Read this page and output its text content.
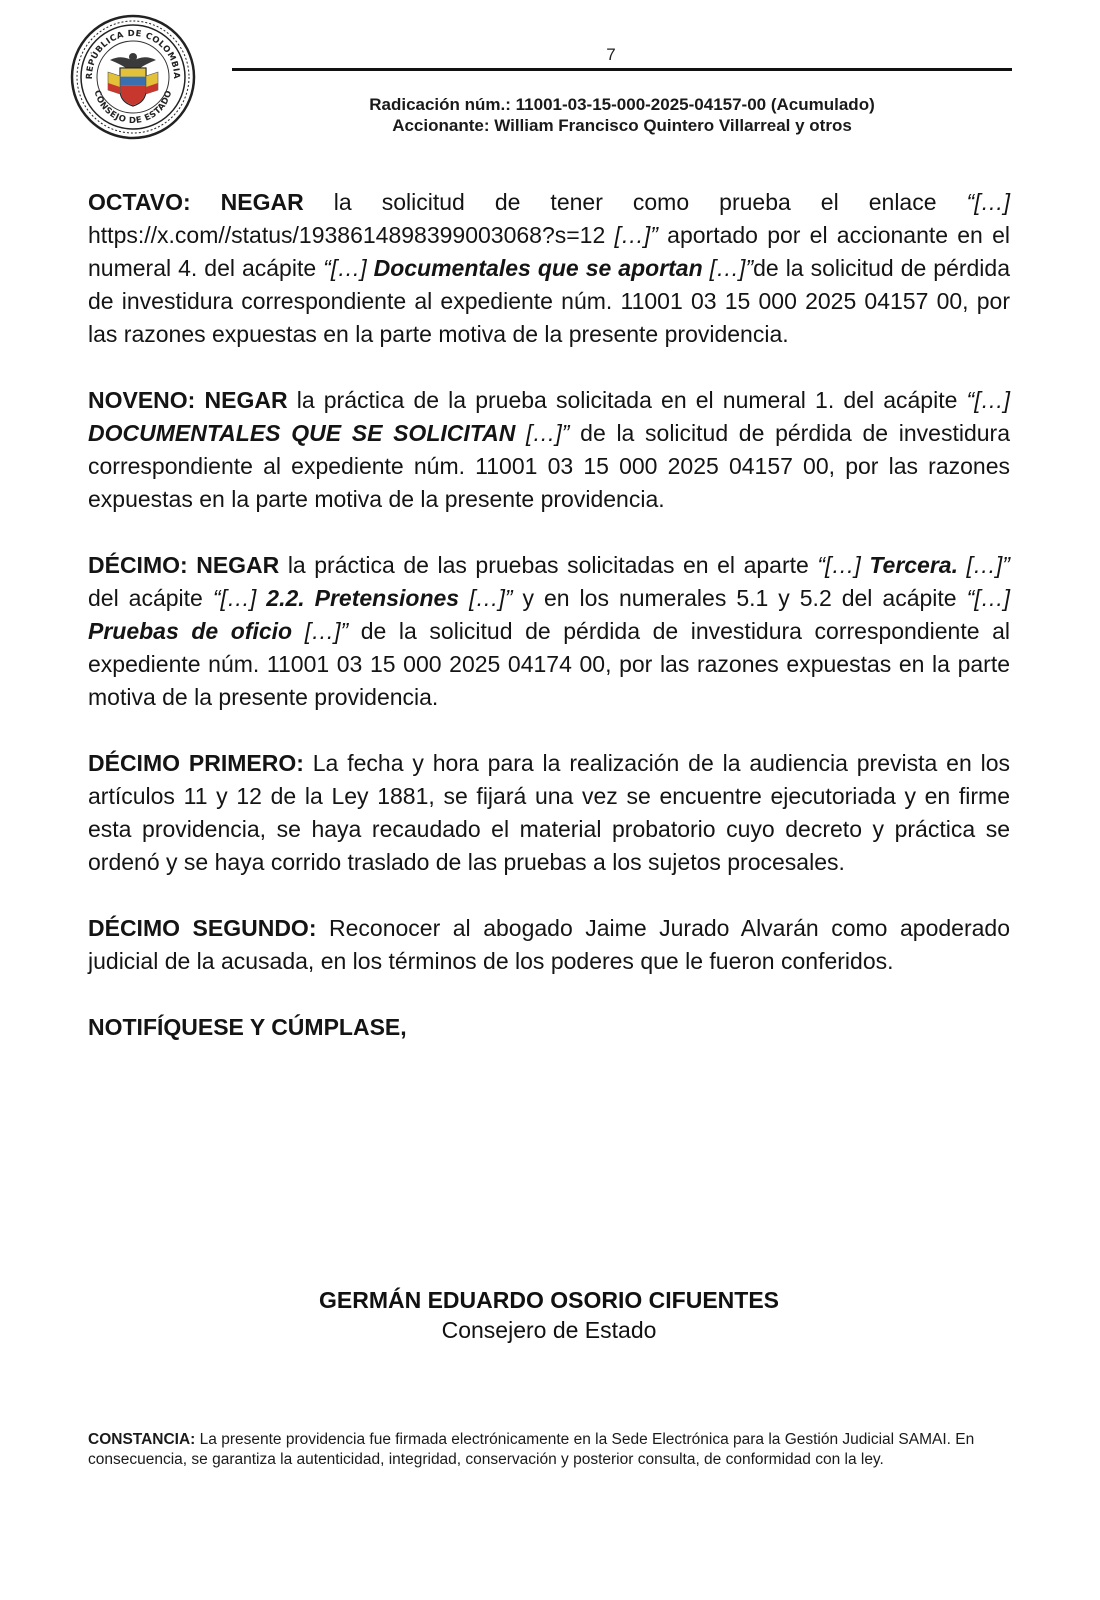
REPÚBLICA DE COLOMBIA
CONSEJO DE ESTADO
7
Radicación núm.: 11001-03-15-000-2025-04157-00 (Acumulado)
Accionante: William Francisco Quintero Villarreal y otros

OCTAVO: NEGAR la solicitud de tener como prueba el enlace “[…] https://x.com//status/1938614898399003068?s=12 […]” aportado por el accionante en el numeral 4. del acápite “[…] Documentales que se aportan […]”de la solicitud de pérdida de investidura correspondiente al expediente núm. 11001 03 15 000 2025 04157 00, por las razones expuestas en la parte motiva de la presente providencia.

NOVENO: NEGAR la práctica de la prueba solicitada en el numeral 1. del acápite “[…] DOCUMENTALES QUE SE SOLICITAN […]” de la solicitud de pérdida de investidura correspondiente al expediente núm. 11001 03 15 000 2025 04157 00, por las razones expuestas en la parte motiva de la presente providencia.

DÉCIMO: NEGAR la práctica de las pruebas solicitadas en el aparte “[…] Tercera. […]” del acápite “[…] 2.2. Pretensiones […]” y en los numerales 5.1 y 5.2 del acápite “[…] Pruebas de oficio […]” de la solicitud de pérdida de investidura correspondiente al expediente núm. 11001 03 15 000 2025 04174 00, por las razones expuestas en la parte motiva de la presente providencia.

DÉCIMO PRIMERO: La fecha y hora para la realización de la audiencia prevista en los artículos 11 y 12 de la Ley 1881, se fijará una vez se encuentre ejecutoriada y en firme esta providencia, se haya recaudado el material probatorio cuyo decreto y práctica se ordenó y se haya corrido traslado de las pruebas a los sujetos procesales.

DÉCIMO SEGUNDO: Reconocer al abogado Jaime Jurado Alvarán como apoderado judicial de la acusada, en los términos de los poderes que le fueron conferidos.

NOTIFÍQUESE Y CÚMPLASE,

GERMÁN EDUARDO OSORIO CIFUENTES
Consejero de Estado
CONSTANCIA: La presente providencia fue firmada electrónicamente en la Sede Electrónica para la Gestión Judicial SAMAI. En consecuencia, se garantiza la autenticidad, integridad, conservación y posterior consulta, de conformidad con la ley.
